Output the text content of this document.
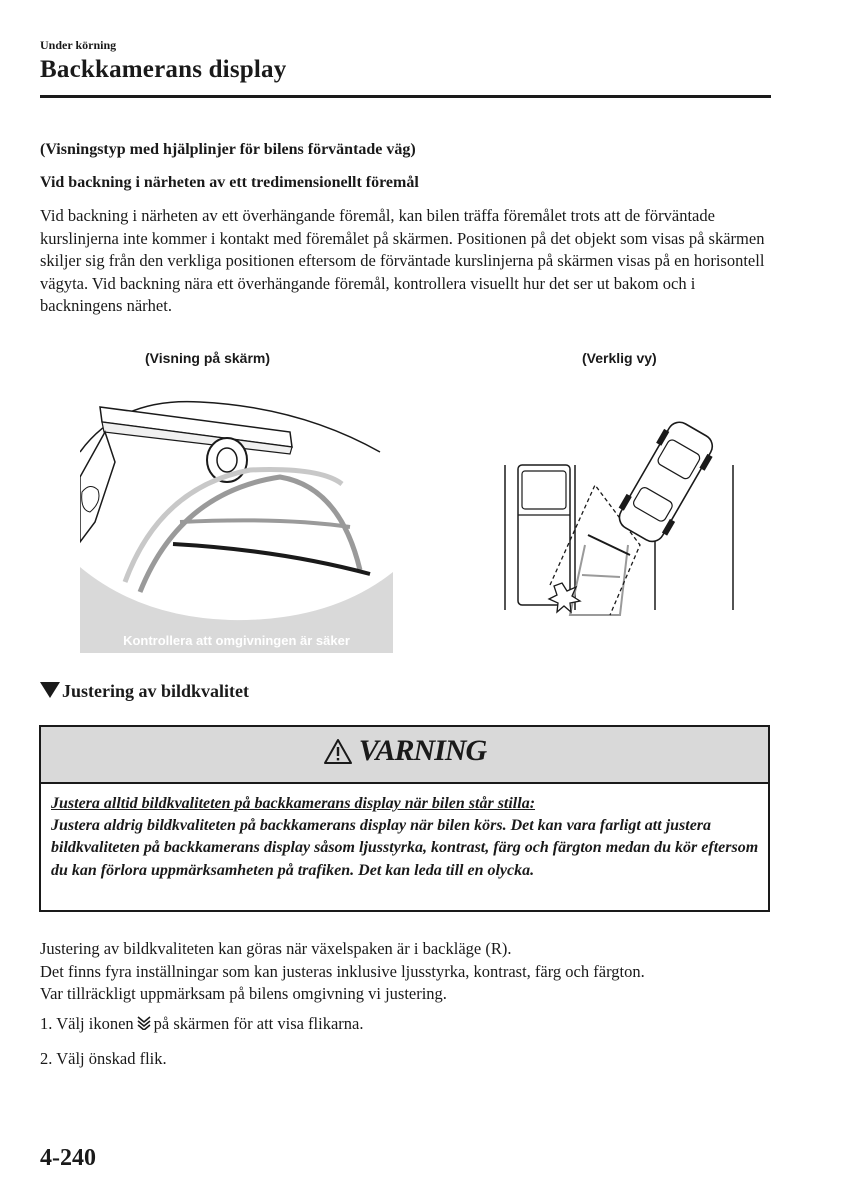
Under körning
Backkamerans display
(Visningstyp med hjälplinjer för bilens förväntade väg)
Vid backning i närheten av ett tredimensionellt föremål
Vid backning i närheten av ett överhängande föremål, kan bilen träffa föremålet trots att de förväntade kurslinjerna inte kommer i kontakt med föremålet på skärmen. Positionen på det objekt som visas på skärmen skiljer sig från den verkliga positionen eftersom de förväntade kurslinjerna på skärmen visas på en horisontell vägyta. Vid backning nära ett överhängande föremål, kontrollera visuellt hur det ser ut bakom och i backningens närhet.
(Visning på skärm)	(Verklig vy)
Kontrollera att omgivningen är säker
Justering av bildkvalitet
VARNING
Justera alltid bildkvaliteten på backkamerans display när bilen står stilla:
Justera aldrig bildkvaliteten på backkamerans display när bilen körs. Det kan vara farligt att justera bildkvaliteten på backkamerans display såsom ljusstyrka, kontrast, färg och färgton medan du kör eftersom du kan förlora uppmärksamheten på trafiken. Det kan leda till en olycka.
Justering av bildkvaliteten kan göras när växelspaken är i backläge (R).
Det finns fyra inställningar som kan justeras inklusive ljusstyrka, kontrast, färg och färgton.
Var tillräckligt uppmärksam på bilens omgivning vi justering.
1. Välj ikonen på skärmen för att visa flikarna.
2. Välj önskad flik.
4-240
